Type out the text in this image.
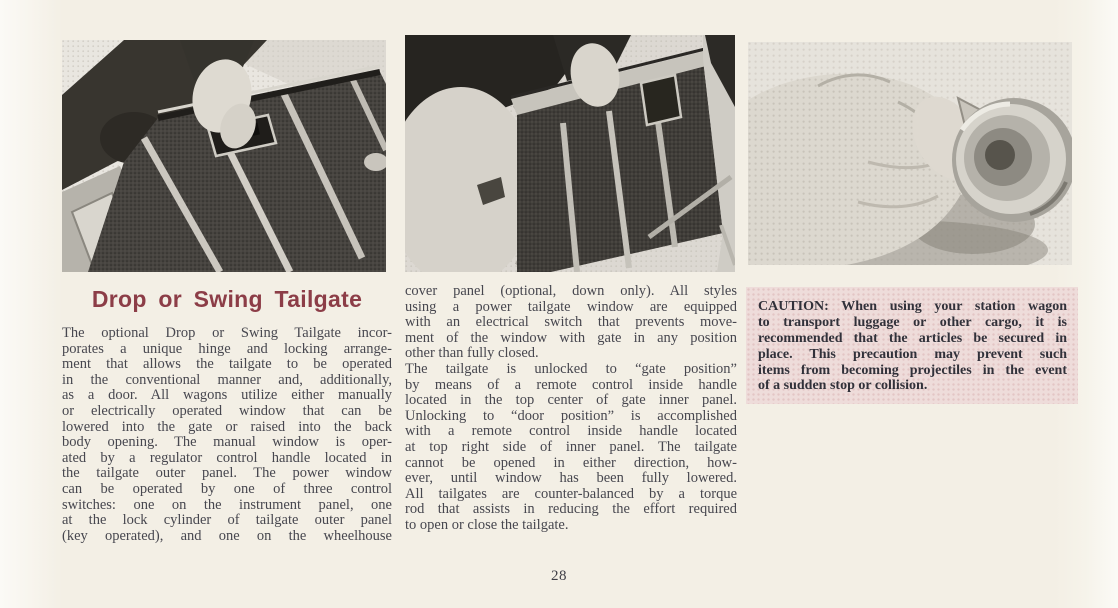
Drop or Swing Tailgate
The optional Drop or Swing Tailgate incor-
porates a unique hinge and locking arrange-
ment that allows the tailgate to be operated
in the conventional manner and, additionally,
as a door. All wagons utilize either manually
or electrically operated window that can be
lowered into the gate or raised into the back
body opening. The manual window is oper-
ated by a regulator control handle located in
the tailgate outer panel. The power window
can be operated by one of three control
switches: one on the instrument panel, one
at the lock cylinder of tailgate outer panel
(key operated), and one on the wheelhouse
cover panel (optional, down only). All styles
using a power tailgate window are equipped
with an electrical switch that prevents move-
ment of the window with gate in any position
other than fully closed.
The tailgate is unlocked to “gate position”
by means of a remote control inside handle
located in the top center of gate inner panel.
Unlocking to “door position” is accomplished
with a remote control inside handle located
at top right side of inner panel. The tailgate
cannot be opened in either direction, how-
ever, until window has been fully lowered.
All tailgates are counter-balanced by a torque
rod that assists in reducing the effort required
to open or close the tailgate.
CAUTION: When using your station wagon
to transport luggage or other cargo, it is
recommended that the articles be secured in
place. This precaution may prevent such
items from becoming projectiles in the event
of a sudden stop or collision.
28
